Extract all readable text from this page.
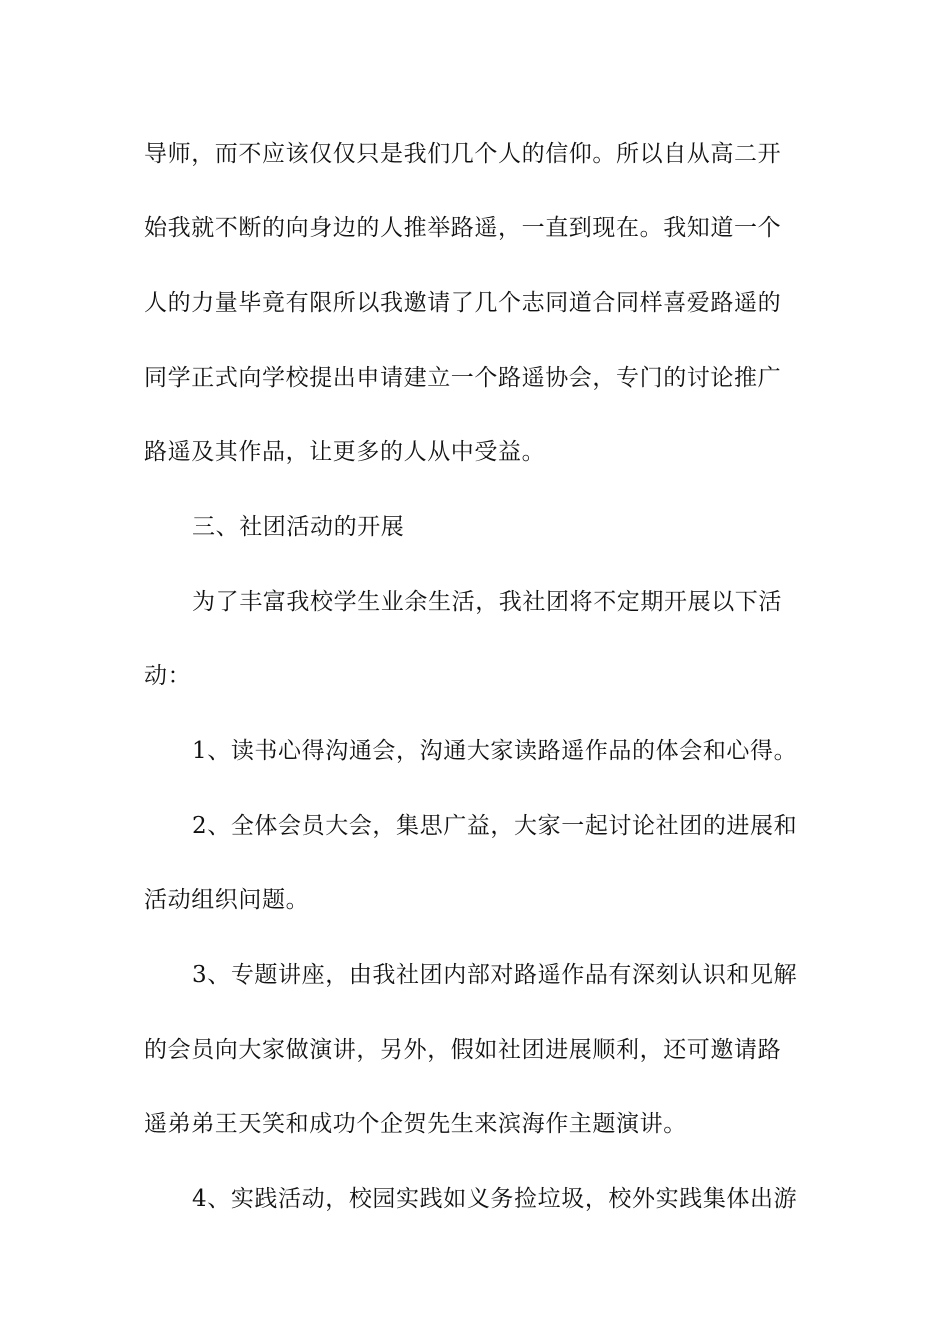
导师，而不应该仅仅只是我们几个人的信仰。所以自从高二开
始我就不断的向身边的人推举路遥，一直到现在。我知道一个
人的力量毕竟有限所以我邀请了几个志同道合同样喜爱路遥的
同学正式向学校提出申请建立一个路遥协会，专门的讨论推广
路遥及其作品，让更多的人从中受益。
三、社团活动的开展
为了丰富我校学生业余生活，我社团将不定期开展以下活
动：
1、读书心得沟通会，沟通大家读路遥作品的体会和心得。
2、全体会员大会，集思广益，大家一起讨论社团的进展和
活动组织问题。
3、专题讲座，由我社团内部对路遥作品有深刻认识和见解
的会员向大家做演讲，另外，假如社团进展顺利，还可邀请路
遥弟弟王天笑和成功个企贺先生来滨海作主题演讲。
4、实践活动，校园实践如义务捡垃圾，校外实践集体出游
